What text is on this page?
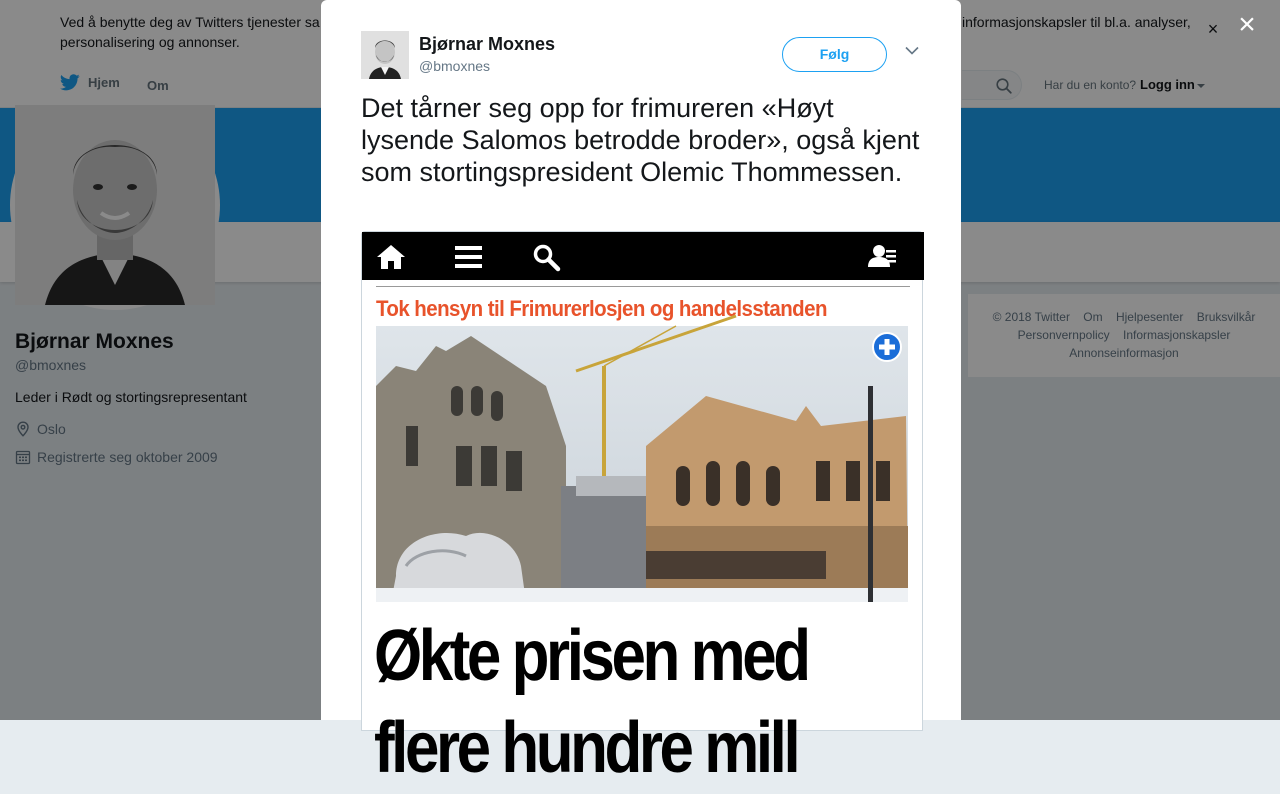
Ved å benytte deg av Twitters tjenester sa
personalisering og annonser.
informasjonskapsler til bl.a. analyser, ×
Hjem Om	Har du en konto? Logg inn
Bjørnar Moxnes
@bmoxnes
Leder i Rødt og stortingsrepresentant
Oslo
Registrerte seg oktober 2009
© 2018 Twitter Om Hjelpesenter Bruksvilkår
Personvernpolicy Informasjonskapsler
Annonseinformasjon
×
Bjørnar Moxnes
@bmoxnes
Følg
Det tårner seg opp for frimureren «Høyt lysende Salomos betrodde broder», også kjent som stortingspresident Olemic Thommessen.
Tok hensyn til Frimurerlosjen og handelsstanden
Økte prisen med
flere hundre mill
